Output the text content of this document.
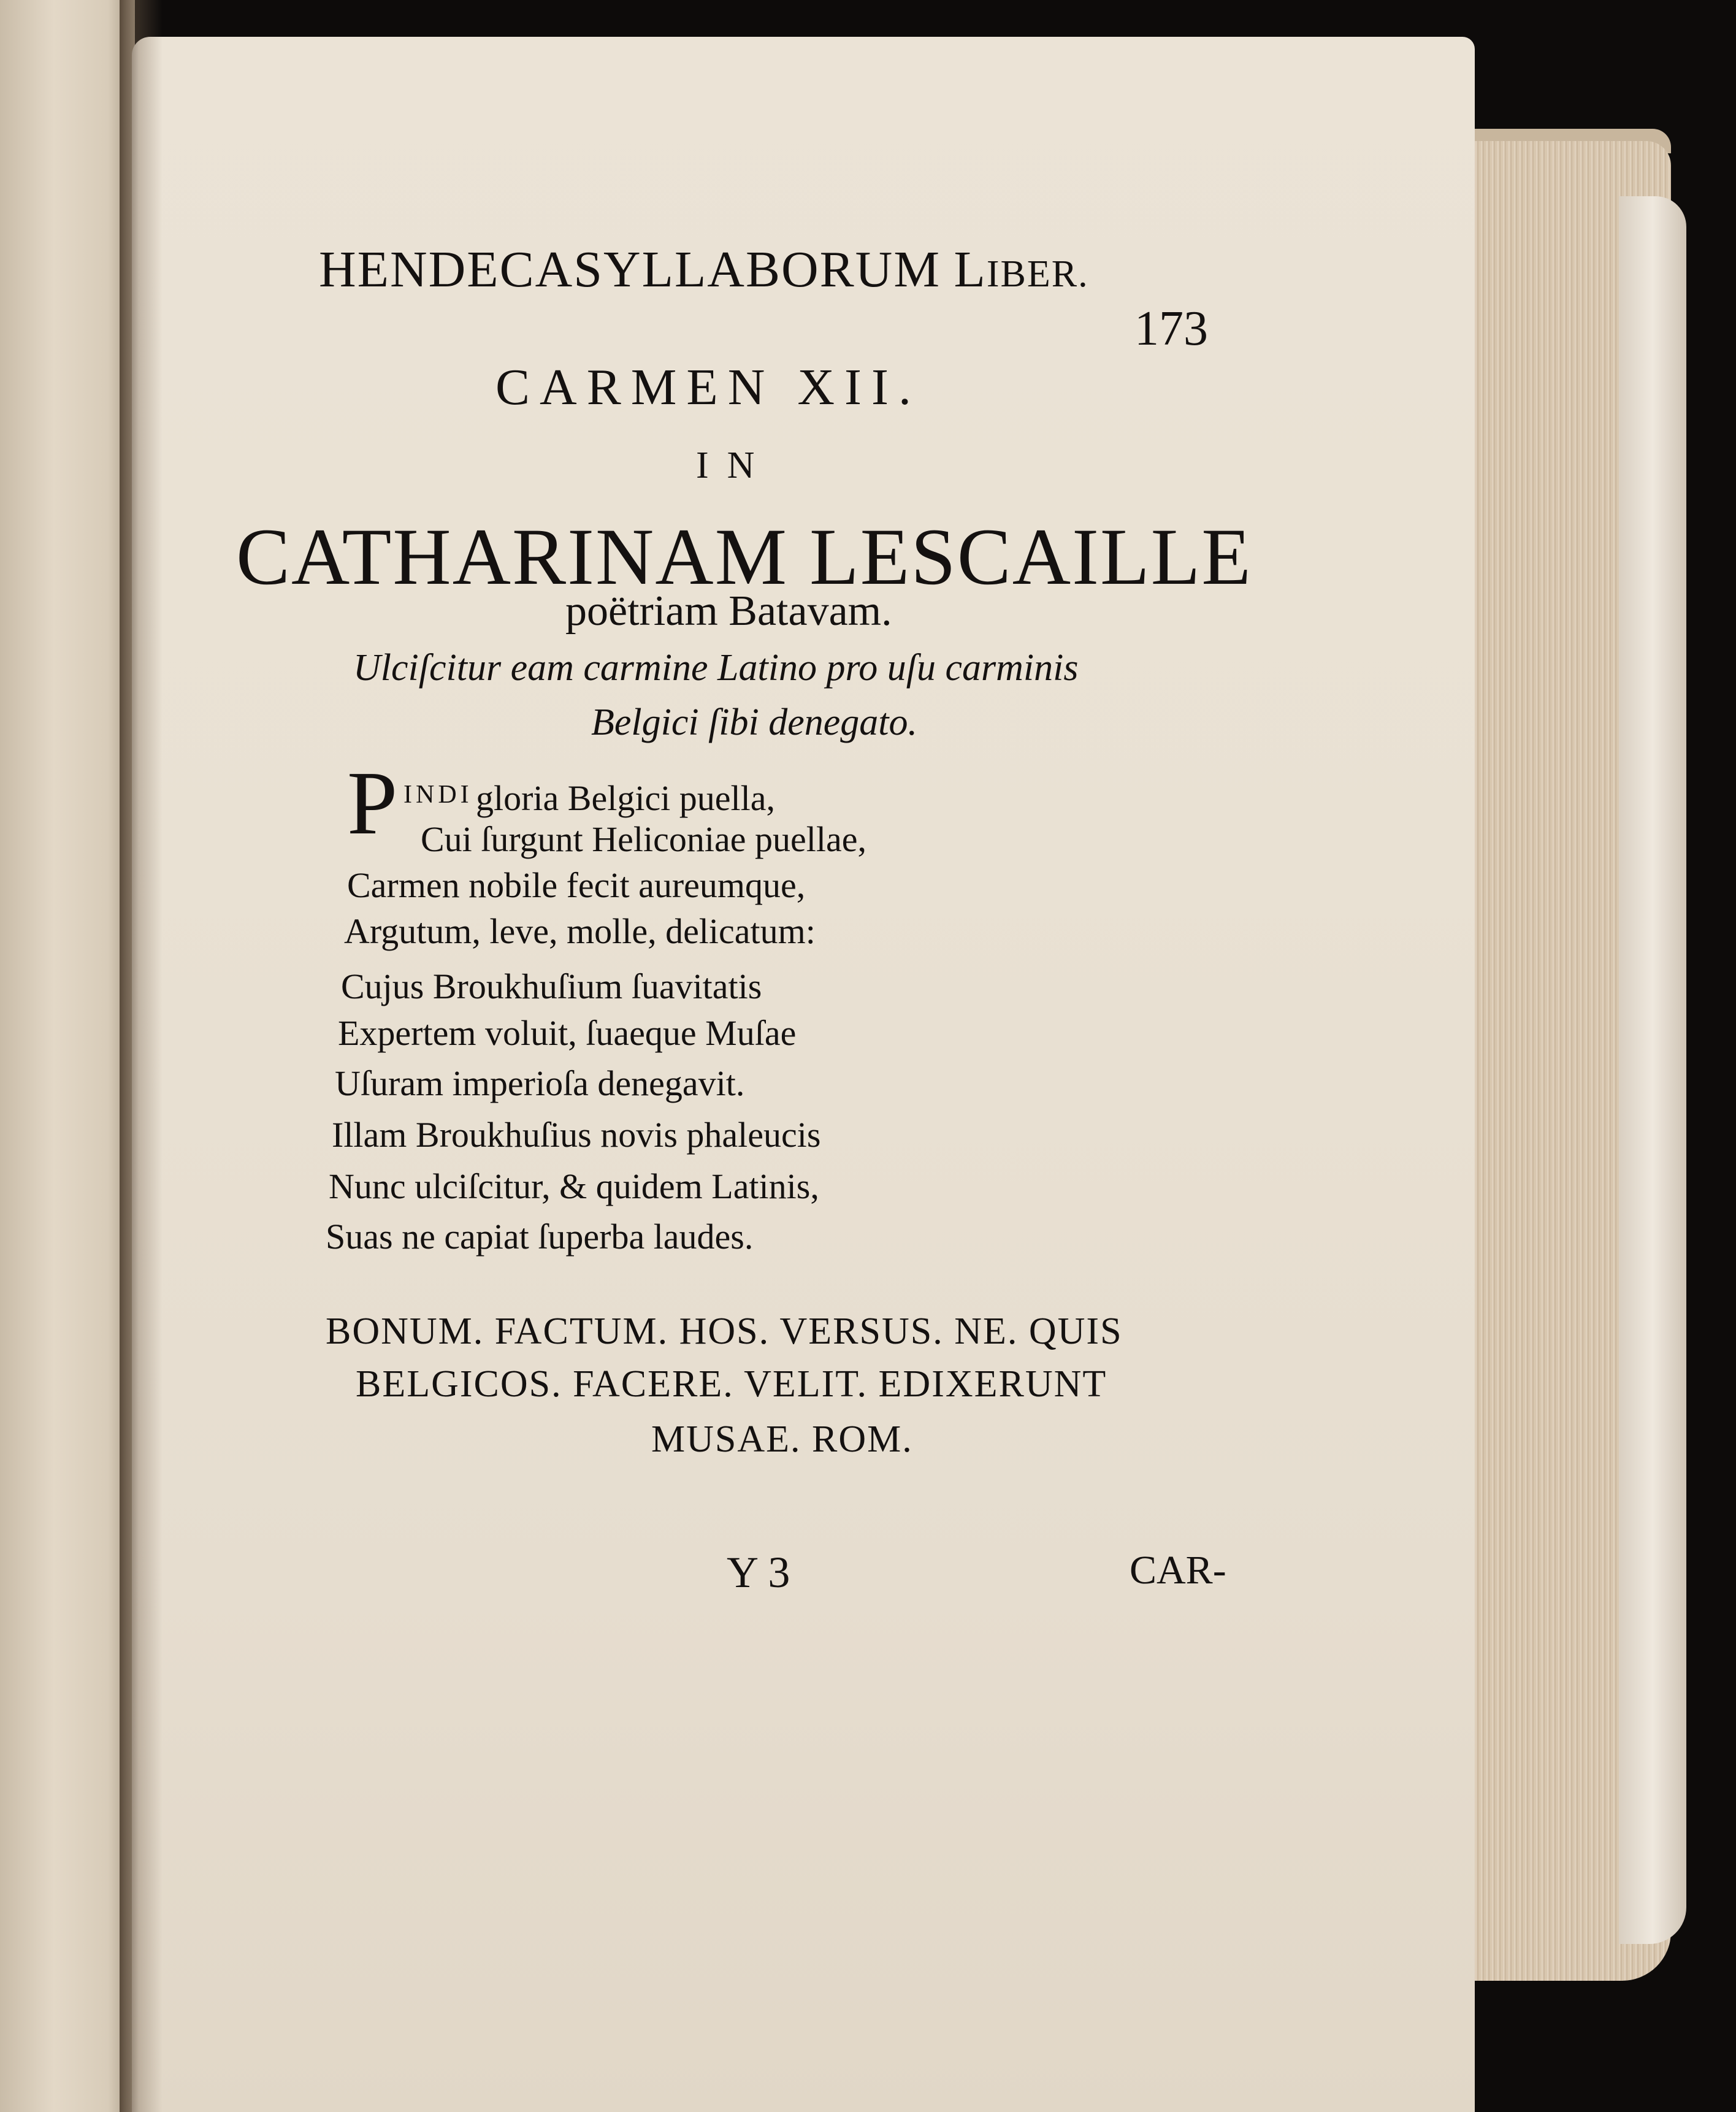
HENDECASYLLABORUM LIBER.
173
CARMEN XII.
IN
CATHARINAM LESCAILLE
poëtriam Batavam.
Ulciſcitur eam carmine Latino pro uſu carminis
Belgici ſibi denegato.
P INDI gloria Belgici puella,
Cui ſurgunt Heliconiae puellae,
Carmen nobile fecit aureumque,
Argutum, leve, molle, delicatum:
Cujus Broukhuſium ſuavitatis
Expertem voluit, ſuaeque Muſae
Uſuram imperioſa denegavit.
Illam Broukhuſius novis phaleucis
Nunc ulciſcitur, & quidem Latinis,
Suas ne capiat ſuperba laudes.
BONUM. FACTUM. HOS. VERSUS. NE. QUIS
BELGICOS. FACERE. VELIT. EDIXERUNT
MUSAE. ROM.
Y 3	CAR-
